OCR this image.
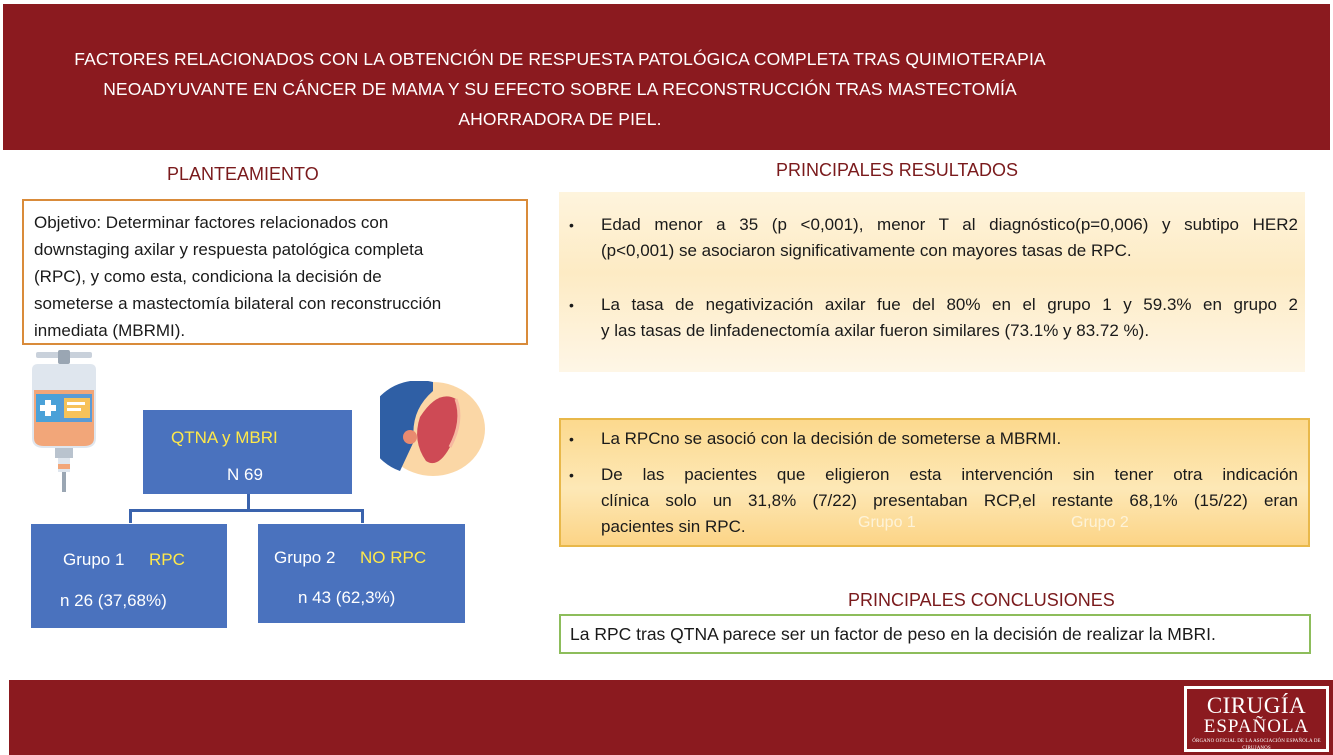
FACTORES RELACIONADOS CON LA OBTENCIÓN DE RESPUESTA PATOLÓGICA COMPLETA TRAS QUIMIOTERAPIA
NEOADYUVANTE EN CÁNCER DE MAMA Y SU EFECTO SOBRE LA RECONSTRUCCIÓN TRAS MASTECTOMÍA
AHORRADORA DE PIEL.
PLANTEAMIENTO
Objetivo: Determinar factores relacionados con
downstaging axilar y respuesta patológica completa
(RPC), y como esta, condiciona la decisión de
someterse a mastectomía bilateral con reconstrucción
inmediata (MBRMI).
QTNA y MBRI
N 69
Grupo 1 RPC
n 26 (37,68%)
Grupo 2 NO RPC
n 43 (62,3%)
PRINCIPALES RESULTADOS
• Edad menor a 35 (p <0,001), menor T al diagnóstico(p=0,006) y subtipo HER2
(p<0,001) se asociaron significativamente con mayores tasas de RPC.
• La tasa de negativización axilar fue del 80% en el grupo 1 y 59.3% en grupo 2
y las tasas de linfadenectomía axilar fueron similares (73.1% y 83.72 %).
• La RPCno se asoció con la decisión de someterse a MBRMI.
• De las pacientes que eligieron esta intervención sin tener otra indicación
clínica solo un 31,8% (7/22) presentaban RCP,el restante 68,1% (15/22) eran
pacientes sin RPC.	Grupo 1	Grupo 2
PRINCIPALES CONCLUSIONES
La RPC tras QTNA parece ser un factor de peso en la decisión de realizar la MBRI.
CIRUGÍA
ESPAÑOLA
ÓRGANO OFICIAL DE LA ASOCIACIÓN ESPAÑOLA DE CIRUJANOS
